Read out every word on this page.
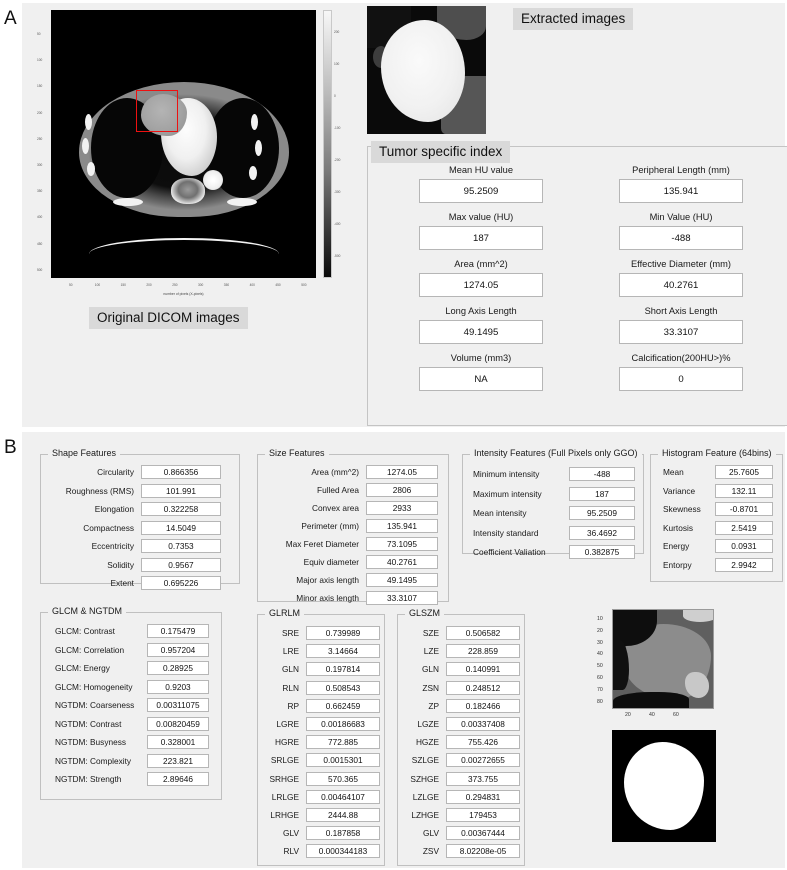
A
B
50
100
150
200
250
300
350
400
450
500
50	100	150	200	250	300	350	400	450	500
200
100
0
-100
-200
-300
-400
-500
number of pixels (X-pixels)
Original DICOM images
Extracted images
Mean HU value
95.2509
Max value (HU)
187
Area (mm^2)
1274.05
Long Axis Length
49.1495
Volume (mm3)
NA
Peripheral Length (mm)
135.941
Min Value (HU)
-488
Effective Diameter (mm)
40.2761
Short Axis Length
33.3107
Calcification(200HU>)%
0
Tumor specific index
Shape Features
Circularity	0.866356
Roughness (RMS)	101.991
Elongation	0.322258
Compactness	14.5049
Eccentricity	0.7353
Solidity	0.9567
Extent	0.695226
Size Features
Area (mm^2)	1274.05
Fulled Area	2806
Convex area	2933
Perimeter (mm)	135.941
Max Feret Diameter	73.1095
Equiv diameter	40.2761
Major axis length	49.1495
Minor axis length	33.3107
Intensity Features (Full Pixels only GGO)
Minimum intensity	-488
Maximum intensity	187
Mean intensity	95.2509
Intensity standard	36.4692
Coefficient Valiation	0.382875
Histogram Feature (64bins)
Mean	25.7605
Variance	132.11
Skewness	-0.8701
Kurtosis	2.5419
Energy	0.0931
Entorpy	2.9942
GLCM & NGTDM
GLCM: Contrast	0.175479
GLCM: Correlation	0.957204
GLCM: Energy	0.28925
GLCM: Homogeneity	0.9203
NGTDM: Coarseness	0.00311075
NGTDM: Contrast	0.00820459
NGTDM: Busyness	0.328001
NGTDM: Complexity	223.821
NGTDM: Strength	2.89646
GLRLM
SRE	0.739989
LRE	3.14664
GLN	0.197814
RLN	0.508543
RP	0.662459
LGRE	0.00186683
HGRE	772.885
SRLGE	0.0015301
SRHGE	570.365
LRLGE	0.00464107
LRHGE	2444.88
GLV	0.187858
RLV	0.000344183
GLSZM
SZE	0.506582
LZE	228.859
GLN	0.140991
ZSN	0.248512
ZP	0.182466
LGZE	0.00337408
HGZE	755.426
SZLGE	0.00272655
SZHGE	373.755
LZLGE	0.294831
LZHGE	179453
GLV	0.00367444
ZSV	8.02208e-05
10
20
30
40
50
60
70
80
20	40	60
